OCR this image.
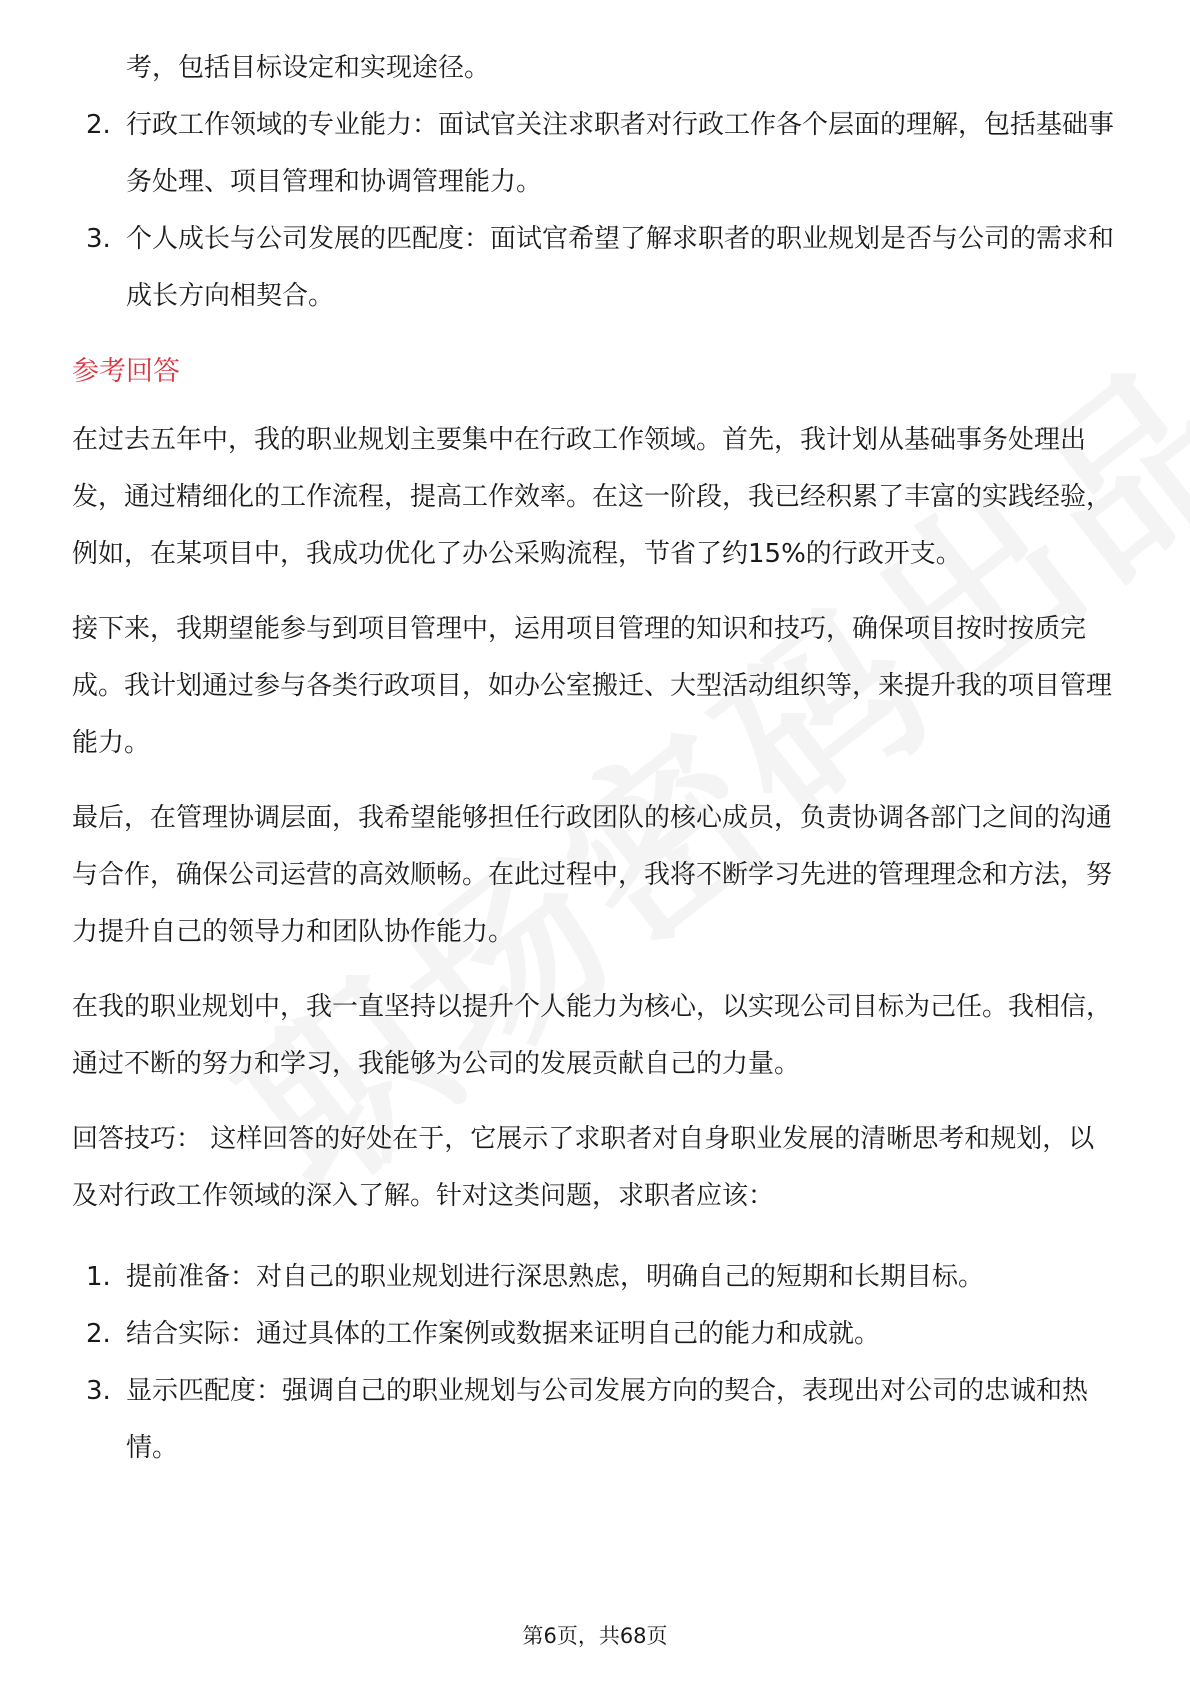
考，包括目标设定和实现途径。
2. 行政工作领域的专业能力：面试官关注求职者对行政工作各个层面的理解，包括基础事务处理、项目管理和协调管理能力。
3. 个人成长与公司发展的匹配度：面试官希望了解求职者的职业规划是否与公司的需求和成长方向相契合。
参考回答

在过去五年中，我的职业规划主要集中在行政工作领域。首先，我计划从基础事务处理出发，通过精细化的工作流程，提高工作效率。在这一阶段，我已经积累了丰富的实践经验，例如，在某项目中，我成功优化了办公采购流程，节省了约15%的行政开支。

接下来，我期望能参与到项目管理中，运用项目管理的知识和技巧，确保项目按时按质完成。我计划通过参与各类行政项目，如办公室搬迁、大型活动组织等，来提升我的项目管理能力。

最后，在管理协调层面，我希望能够担任行政团队的核心成员，负责协调各部门之间的沟通与合作，确保公司运营的高效顺畅。在此过程中，我将不断学习先进的管理理念和方法，努力提升自己的领导力和团队协作能力。

在我的职业规划中，我一直坚持以提升个人能力为核心，以实现公司目标为己任。我相信，通过不断的努力和学习，我能够为公司的发展贡献自己的力量。

回答技巧： 这样回答的好处在于，它展示了求职者对自身职业发展的清晰思考和规划，以及对行政工作领域的深入了解。针对这类问题，求职者应该：

1. 提前准备：对自己的职业规划进行深思熟虑，明确自己的短期和长期目标。
2. 结合实际：通过具体的工作案例或数据来证明自己的能力和成就。
3. 显示匹配度：强调自己的职业规划与公司发展方向的契合，表现出对公司的忠诚和热情。
第6页，共68页
